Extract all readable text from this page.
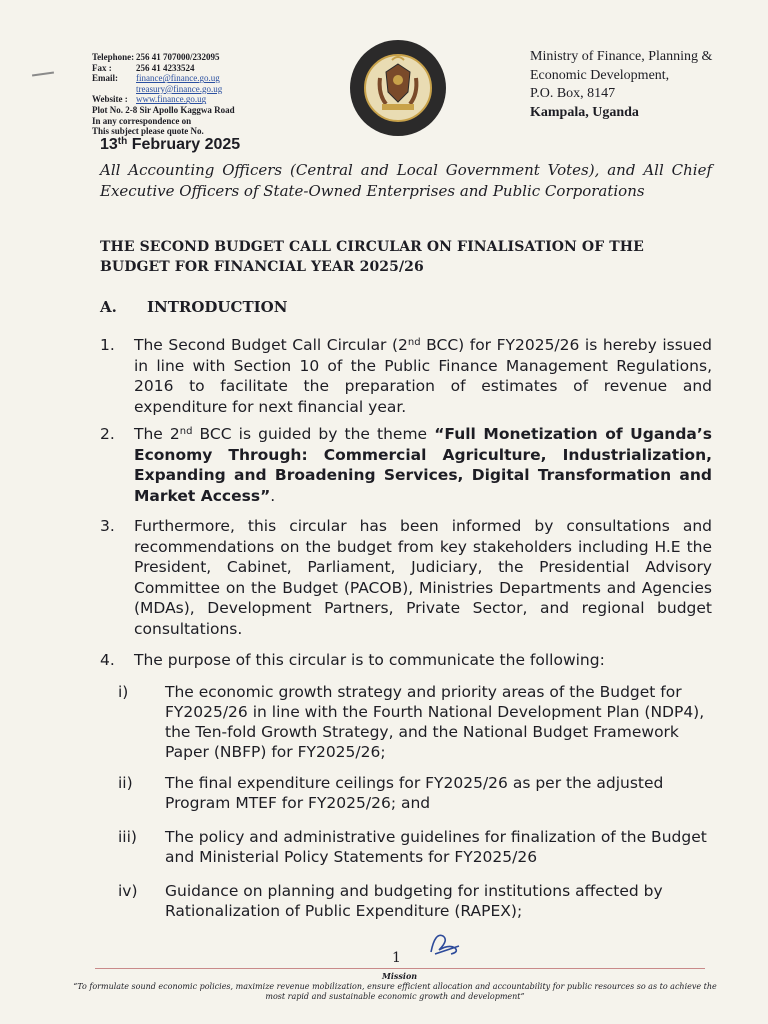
Telephone: 256 41 707000/232095
Fax :	256 41 4233524
Email: finance@finance.go.ug
treasury@finance.go.ug
Website : www.finance.go.ug
Plot No. 2-8 Sir Apollo Kaggwa Road
In any correspondence on
This subject please quote No.
Ministry of Finance, Planning &
Economic Development,
P.O. Box, 8147
Kampala, Uganda
13th February 2025
All Accounting Officers (Central and Local Government Votes), and All Chief Executive Officers of State-Owned Enterprises and Public Corporations
THE SECOND BUDGET CALL CIRCULAR ON FINALISATION OF THE BUDGET FOR FINANCIAL YEAR 2025/26
A. INTRODUCTION
1. The Second Budget Call Circular (2nd BCC) for FY2025/26 is hereby issued in line with Section 10 of the Public Finance Management Regulations, 2016 to facilitate the preparation of estimates of revenue and expenditure for next financial year.
2. The 2nd BCC is guided by the theme “Full Monetization of Uganda’s Economy Through: Commercial Agriculture, Industrialization, Expanding and Broadening Services, Digital Transformation and Market Access”.
3. Furthermore, this circular has been informed by consultations and recommendations on the budget from key stakeholders including H.E the President, Cabinet, Parliament, Judiciary, the Presidential Advisory Committee on the Budget (PACOB), Ministries Departments and Agencies (MDAs), Development Partners, Private Sector, and regional budget consultations.
4. The purpose of this circular is to communicate the following:
i) The economic growth strategy and priority areas of the Budget for FY2025/26 in line with the Fourth National Development Plan (NDP4), the Ten-fold Growth Strategy, and the National Budget Framework Paper (NBFP) for FY2025/26;
ii) The final expenditure ceilings for FY2025/26 as per the adjusted Program MTEF for FY2025/26; and
iii) The policy and administrative guidelines for finalization of the Budget and Ministerial Policy Statements for FY2025/26
iv) Guidance on planning and budgeting for institutions affected by Rationalization of Public Expenditure (RAPEX);
1
Mission
“To formulate sound economic policies, maximize revenue mobilization, ensure efficient allocation and accountability for public resources so as to achieve the most rapid and sustainable economic growth and development”
